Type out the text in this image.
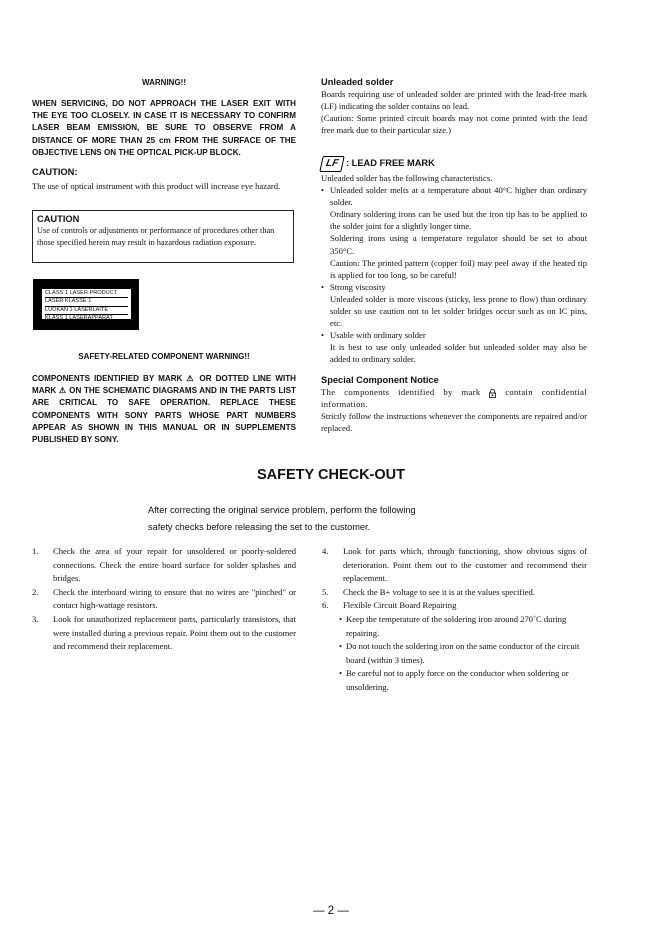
WARNING!!
WHEN SERVICING, DO NOT APPROACH THE LASER EXIT WITH THE EYE TOO CLOSELY. IN CASE IT IS NECESSARY TO CONFIRM LASER BEAM EMISSION, BE SURE TO OBSERVE FROM A DISTANCE OF MORE THAN 25 cm FROM THE SURFACE OF THE OBJECTIVE LENS ON THE OPTICAL PICK-UP BLOCK.
CAUTION:
The use of optical instrument with this product will increase eye hazard.
CAUTION
Use of controls or adjustments or performance of procedures other than those specified herein may result in hazardous radiation exposure.
CLASS 1 LASER PRODUCT
LASER KLASSE 1
LUOKAN 1 LASERLAITE
KLASS 1 LASERAPPARAT
SAFETY-RELATED COMPONENT WARNING!!
COMPONENTS IDENTIFIED BY MARK ⚠ OR DOTTED LINE WITH MARK ⚠ ON THE SCHEMATIC DIAGRAMS AND IN THE PARTS LIST ARE CRITICAL TO SAFE OPERATION. REPLACE THESE COMPONENTS WITH SONY PARTS WHOSE PART NUMBERS APPEAR AS SHOWN IN THIS MANUAL OR IN SUPPLEMENTS PUBLISHED BY SONY.
Unleaded solder
Boards requiring use of unleaded solder are printed with the lead-free mark (LF) indicating the solder contains no lead.
(Caution: Some printed circuit boards may not come printed with the lead free mark due to their particular size.)
LF : LEAD FREE MARK
Unleaded solder has the following characteristics.
• Unleaded solder melts at a temperature about 40°C higher than ordinary solder.
Ordinary soldering irons can be used but the iron tip has to be applied to the solder joint for a slightly longer time.
Soldering irons using a temperature regulator should be set to about 350°C.
Caution: The printed pattern (copper foil) may peel away if the heated tip is applied for too long, so be careful!
• Strong viscosity
Unleaded solder is more viscous (sticky, less prone to flow) than ordinary solder so use caution not to let solder bridges occur such as on IC pins, etc.
• Usable with ordinary solder
It is best to use only unleaded solder but unleaded solder may also be added to ordinary solder.
Special Component Notice
The components identified by mark	contain confidential information.
Strictly follow the instructions whenever the components are repaired and/or replaced.
SAFETY CHECK-OUT
After correcting the original service problem, perform the following
safety checks before releasing the set to the customer.
1. Check the area of your repair for unsoldered or poorly-soldered connections. Check the entire board surface for solder splashes and bridges.
2. Check the interboard wiring to ensure that no wires are "pinched" or contact high-wattage resistors.
3. Look for unauthorized replacement parts, particularly transistors, that were installed during a previous repair. Point them out to the customer and recommend their replacement.
4. Look for parts which, through functioning, show obvious signs of deterioration. Point them out to the customer and recommend their replacement.
5. Check the B+ voltage to see it is at the values specified.
6. Flexible Circuit Board Repairing
• Keep the temperature of the soldering iron around 270˚C during repairing.
• Do not touch the soldering iron on the same conductor of the circuit board (within 3 times).
• Be careful not to apply force on the conductor when soldering or unsoldering.
— 2 —
